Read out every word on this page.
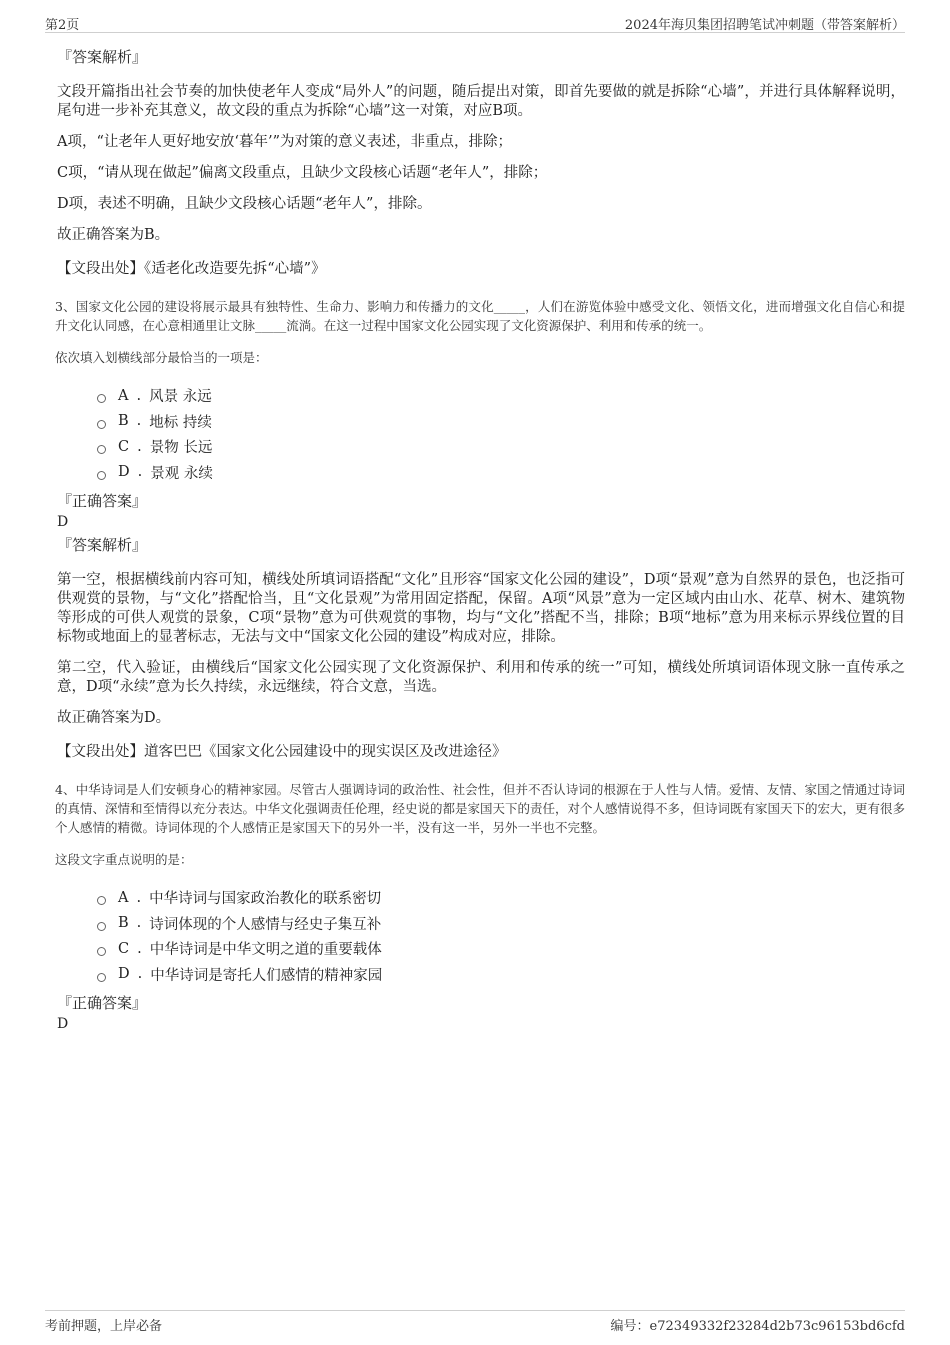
第2页	2024年海贝集团招聘笔试冲刺题（带答案解析）
『答案解析』
文段开篇指出社会节奏的加快使老年人变成“局外人”的问题，随后提出对策，即首先要做的就是拆除“心墙”，并进行具体解释说明，尾句进一步补充其意义，故文段的重点为拆除“心墙”这一对策，对应B项。
A项，“让老年人更好地安放‘暮年’”为对策的意义表述，非重点，排除；
C项，“请从现在做起”偏离文段重点，且缺少文段核心话题“老年人”，排除；
D项，表述不明确，且缺少文段核心话题“老年人”，排除。
故正确答案为B。
【文段出处】《适老化改造要先拆“心墙”》
3、国家文化公园的建设将展示最具有独特性、生命力、影响力和传播力的文化_____，人们在游览体验中感受文化、领悟文化，进而增强文化自信心和提升文化认同感，在心意相通里让文脉_____流淌。在这一过程中国家文化公园实现了文化资源保护、利用和传承的统一。
依次填入划横线部分最恰当的一项是：
A . 风景 永远
B . 地标 持续
C . 景物 长远
D . 景观 永续
『正确答案』
D
『答案解析』
第一空，根据横线前内容可知，横线处所填词语搭配“文化”且形容“国家文化公园的建设”，D项“景观”意为自然界的景色，也泛指可供观赏的景物，与“文化”搭配恰当，且“文化景观”为常用固定搭配，保留。A项“风景”意为一定区域内由山水、花草、树木、建筑物等形成的可供人观赏的景象，C项“景物”意为可供观赏的事物，均与“文化”搭配不当，排除；B项“地标”意为用来标示界线位置的目标物或地面上的显著标志，无法与文中“国家文化公园的建设”构成对应，排除。
第二空，代入验证，由横线后“国家文化公园实现了文化资源保护、利用和传承的统一”可知，横线处所填词语体现文脉一直传承之意，D项“永续”意为长久持续，永远继续，符合文意，当选。
故正确答案为D。
【文段出处】道客巴巴《国家文化公园建设中的现实误区及改进途径》
4、中华诗词是人们安顿身心的精神家园。尽管古人强调诗词的政治性、社会性，但并不否认诗词的根源在于人性与人情。爱情、友情、家国之情通过诗词的真情、深情和至情得以充分表达。中华文化强调责任伦理，经史说的都是家国天下的责任，对个人感情说得不多，但诗词既有家国天下的宏大，更有很多个人感情的精微。诗词体现的个人感情正是家国天下的另外一半，没有这一半，另外一半也不完整。
这段文字重点说明的是：
A . 中华诗词与国家政治教化的联系密切
B . 诗词体现的个人感情与经史子集互补
C . 中华诗词是中华文明之道的重要载体
D . 中华诗词是寄托人们感情的精神家园
『正确答案』
D
考前押题，上岸必备	编号：e72349332f23284d2b73c96153bd6cfd
